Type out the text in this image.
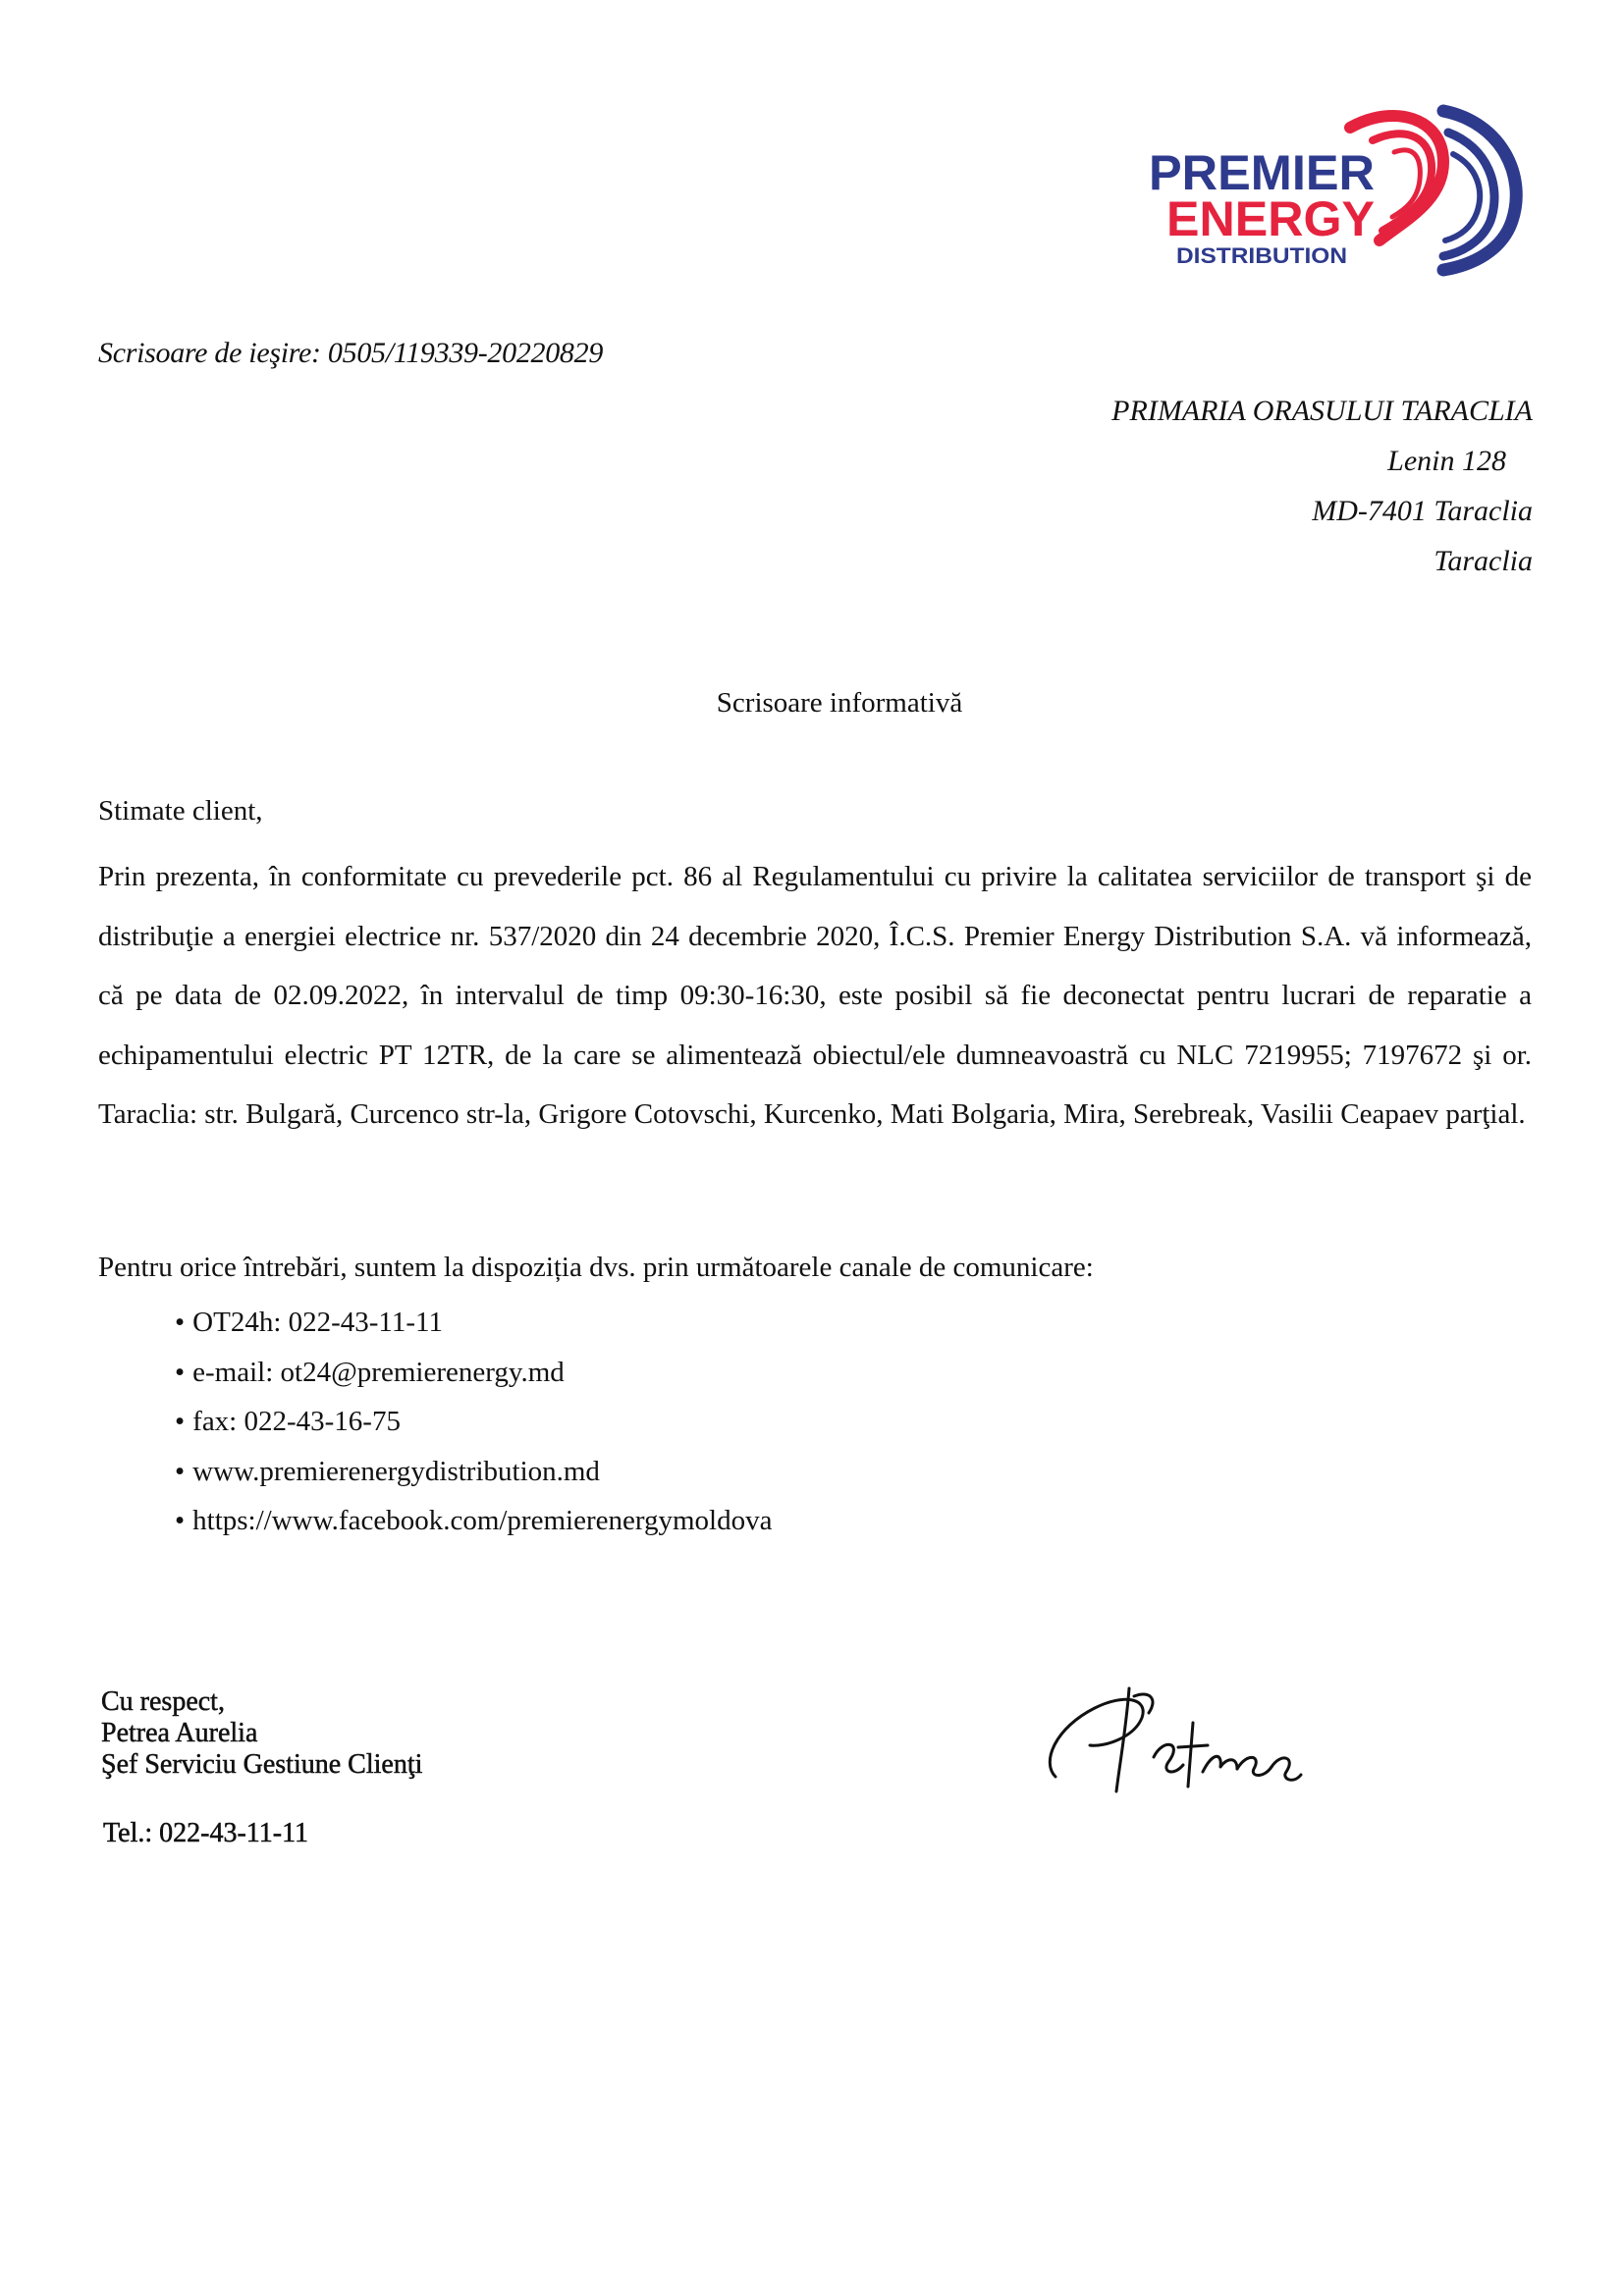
PREMIER
ENERGY
DISTRIBUTION
Scrisoare de ieşire: 0505/119339-20220829
PRIMARIA ORASULUI TARACLIA
Lenin 128
MD-7401 Taraclia
Taraclia
Scrisoare informativă
Stimate client,
Prin prezenta, în conformitate cu prevederile pct. 86 al Regulamentului cu privire la calitatea serviciilor de transport şi de distribuţie a energiei electrice nr. 537/2020 din 24 decembrie 2020, Î.C.S. Premier Energy Distribution S.A. vă informează, că pe data de 02.09.2022, în intervalul de timp 09:30-16:30, este posibil să fie deconectat pentru lucrari de reparatie a echipamentului electric PT 12TR, de la care se alimentează obiectul/ele dumneavoastră cu NLC 7219955; 7197672 şi or. Taraclia: str. Bulgară, Curcenco str-la, Grigore Cotovschi, Kurcenko, Mati Bolgaria, Mira, Serebreak, Vasilii Ceapaev parţial.
Pentru orice întrebări, suntem la dispoziția dvs. prin următoarele canale de comunicare:
• OT24h: 022-43-11-11
• e-mail: ot24@premierenergy.md
• fax: 022-43-16-75
• www.premierenergydistribution.md
• https://www.facebook.com/premierenergymoldova
Cu respect,
Petrea Aurelia
Şef Serviciu Gestiune Clienţi
Tel.: 022-43-11-11
